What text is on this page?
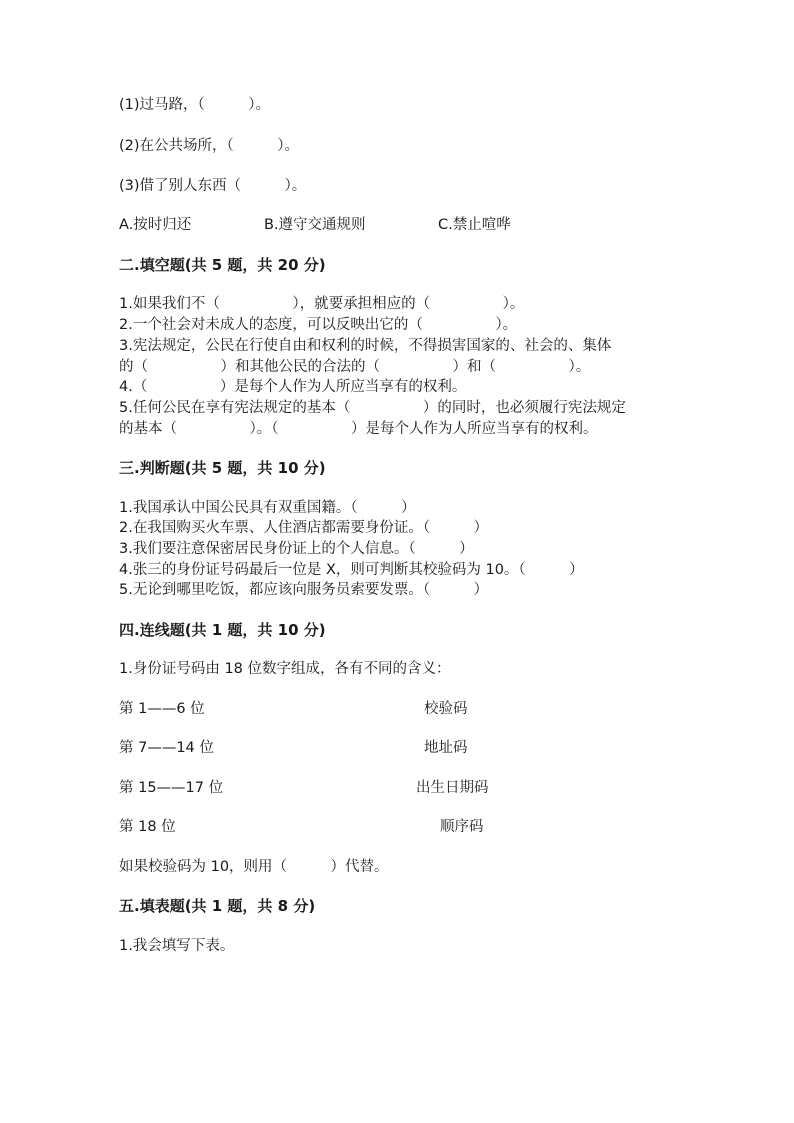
(1)过马路，（　　　）。
(2)在公共场所，（　　　）。
(3)借了别人东西（　　　）。
A.按时归还	B.遵守交通规则	C.禁止喧哗
二.填空题(共 5 题，共 20 分)
1.如果我们不（　　　　　），就要承担相应的（　　　　　）。
2.一个社会对未成人的态度，可以反映出它的（　　　　　）。
3.宪法规定，公民在行使自由和权利的时候，不得损害国家的、社会的、集体
的（　　　　　）和其他公民的合法的（　　　　　）和（　　　　　）。
4.（　　　　　）是每个人作为人所应当享有的权利。
5.任何公民在享有宪法规定的基本（　　　　　）的同时，也必须履行宪法规定
的基本（　　　　　）。（　　　　　）是每个人作为人所应当享有的权利。
三.判断题(共 5 题，共 10 分)
1.我国承认中国公民具有双重国籍。（　　　）
2.在我国购买火车票、人住酒店都需要身份证。（　　　）
3.我们要注意保密居民身份证上的个人信息。（　　　）
4.张三的身份证号码最后一位是 X，则可判断其校验码为 10。（　　　）
5.无论到哪里吃饭，都应该向服务员索要发票。（　　　）
四.连线题(共 1 题，共 10 分)
1.身份证号码由 18 位数字组成，各有不同的含义：
第 1——6 位	校验码
第 7——14 位	地址码
第 15——17 位	出生日期码
第 18 位	顺序码
如果校验码为 10，则用（　　　）代替。
五.填表题(共 1 题，共 8 分)
1.我会填写下表。
